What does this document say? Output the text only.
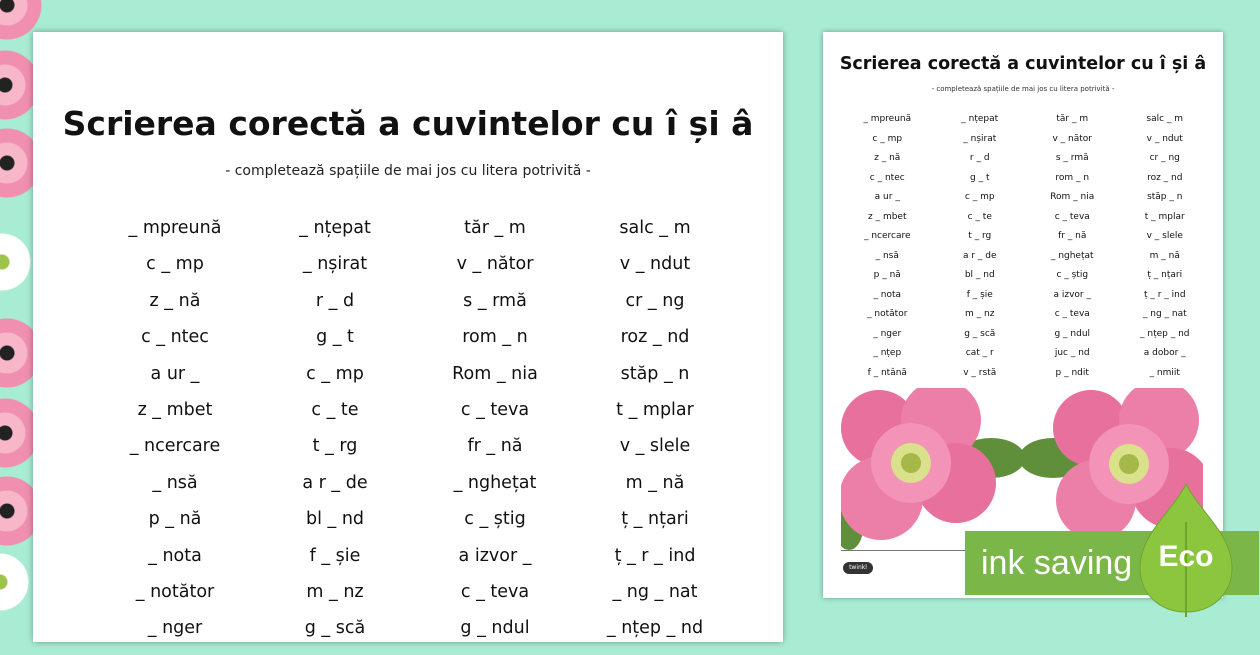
Scrierea corectă a cuvintelor cu î și â
- completează spațiile de mai jos cu litera potrivită -
_ mpreună	_ nțepat	tăr _ m	salc _ m
c _ mp	_ nșirat	v _ nător	v _ ndut
z _ nă	r _ d	s _ rmă	cr _ ng
c _ ntec	g _ t	rom _ n	roz _ nd
a ur _	c _ mp	Rom _ nia	stăp _ n
z _ mbet	c _ te	c _ teva	t _ mplar
_ ncercare	t _ rg	fr _ nă	v _ slele
_ nsă	a r _ de	_ nghețat	m _ nă
p _ nă	bl _ nd	c _ știg	ț _ nțari
_ nota	f _ șie	a izvor _	ț _ r _ ind
_ notător	m _ nz	c _ teva	_ ng _ nat
_ nger	g _ scă	g _ ndul	_ nțep _ nd
Scrierea corectă a cuvintelor cu î și â
- completează spațiile de mai jos cu litera potrivită -
_ mpreună	_ nțepat	tăr _ m	salc _ m
c _ mp	_ nșirat	v _ nător	v _ ndut
z _ nă	r _ d	s _ rmă	cr _ ng
c _ ntec	g _ t	rom _ n	roz _ nd
a ur _	c _ mp	Rom _ nia	stăp _ n
z _ mbet	c _ te	c _ teva	t _ mplar
_ ncercare	t _ rg	fr _ nă	v _ slele
_ nsă	a r _ de	_ nghețat	m _ nă
p _ nă	bl _ nd	c _ știg	ț _ nțari
_ nota	f _ șie	a izvor _	ț _ r _ ind
_ notător	m _ nz	c _ teva	_ ng _ nat
_ nger	g _ scă	g _ ndul	_ nțep _ nd
_ nțep	cat _ r	juc _ nd	a dobor _
f _ ntână	v _ rstă	p _ ndit	_ nmiit
twinkl	ink saving Eco
